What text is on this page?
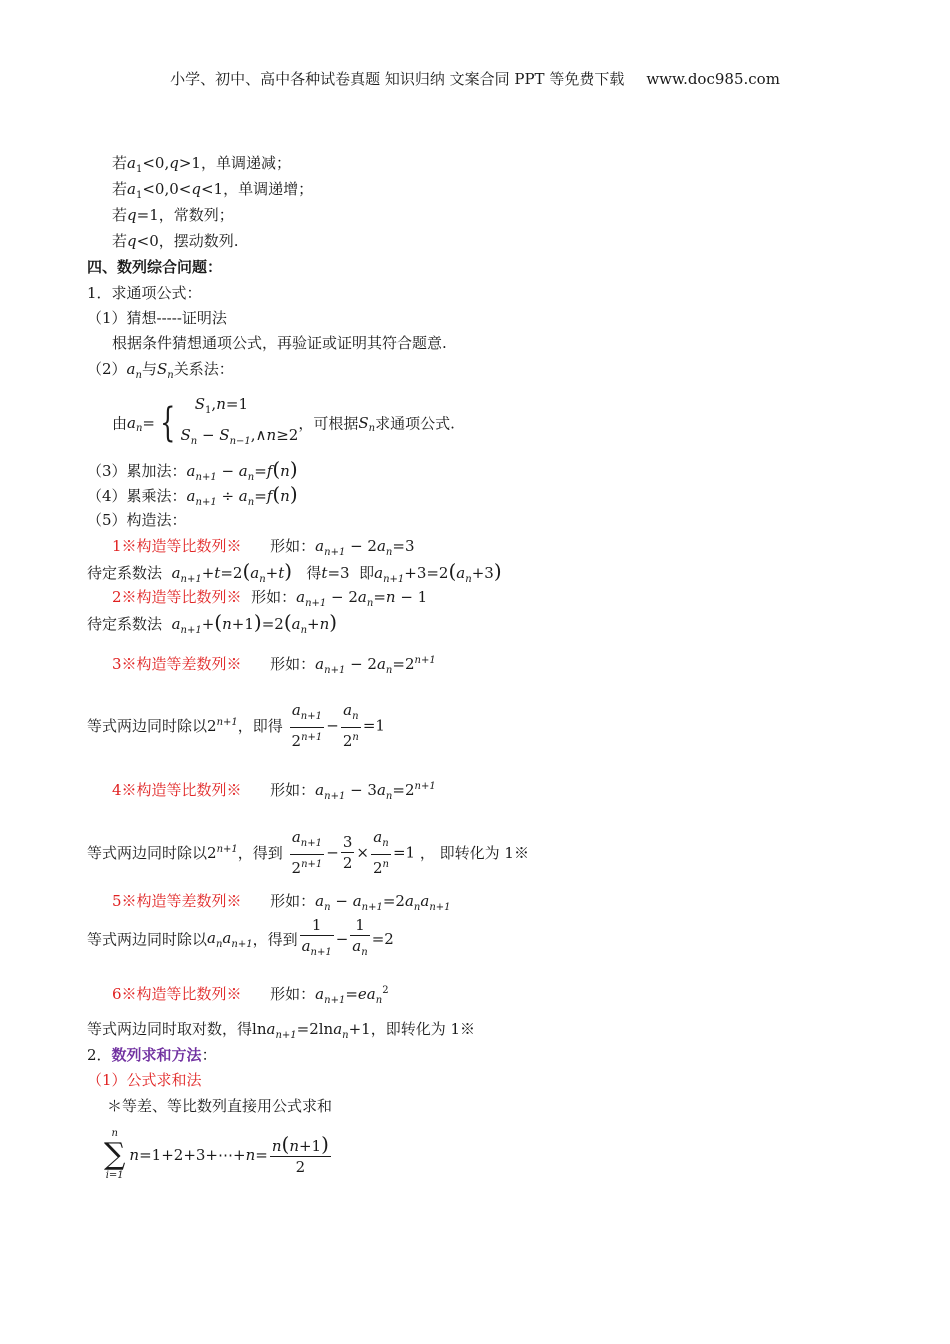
小学、初中、高中各种试卷真题 知识归纳 文案合同 PPT 等免费下载 www.doc985.com
若$a_1<0,q>1$，单调递减；
若$a_1<0,0<q<1$，单调递增；
若q=1，常数列；
若q<0，摆动数列.
四、数列综合问题：
1．求通项公式：
（1）猜想-----证明法
根据条件猜想通项公式，再验证或证明其符合题意.
$(2)a_n$与$S_n$关系法：
由$a_n=$ {	$S_1,n=1$
$S_n$ − $S_{n-1},\wedge n\ge 2$
，可根据$S_n$求通项公式.
（3）累加法：$a_{n+1} - a_n=f(n)$
（4）累乘法：$a_{n+1} \div a_n=f(n)$
（5）构造法：
1※构造等比数列※ 形如：$a_{n+1} - 2a_n=3$
待定系数法 $a_{n+1}+t=2(a_n+t)$ 得t=3  即$a_{n+1}+3=2(a_n+3)$
2※构造等比数列※ 形如：$a_{n+1} - 2a_n=n - 1$
待定系数法 $a_{n+1}+(n+1)=2(a_n+n)$
3※构造等差数列※ 形如：$a_{n+1} - 2a_n=2^{n+1}$
等式两边同时除以$2^{n+1}$，即得 $\frac{a_{n+1}}{2^{n+1}} - \frac{a_n}{2^n} =1$
4※构造等比数列※ 形如：$a_{n+1} - 3a_n=2^{n+1}$
等式两边同时除以$2^{n+1}$，得到 $\frac{a_{n+1}}{2^{n+1}} - \frac{3}{2} \times \frac{a_n}{2^n} =1$ ， 即转化为 1※
5※构造等差数列※ 形如：$a_n - a_{n+1}=2a_na_{n+1}$
等式两边同时除以$a_na_{n+1}$，得到 $\frac{1}{a_{n+1}} - \frac{1}{a_n} =2$
6※构造等比数列※ 形如：$a_{n+1}=ea_n^2$
等式两边同时取对数，得lna$_{n+1}$=2lna$_n$+1，即转化为 1※
2．数列求和方法：
（1）公式求和法
＊等差、等比数列直接用公式求和
n
∑
i=1
n=1+2+3+⋯+n= $\frac{n(n+1)}{2}$
